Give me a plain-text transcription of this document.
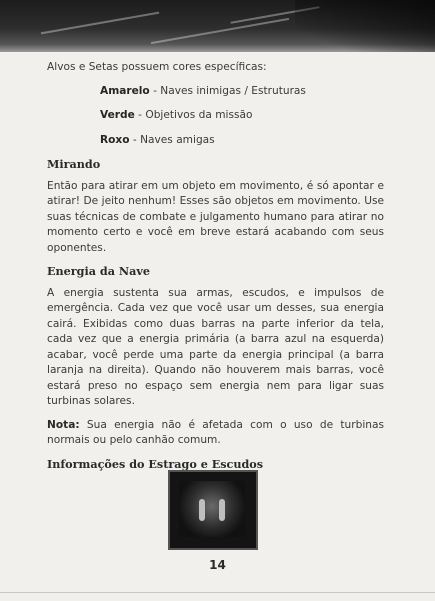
Alvos e Setas possuem cores específicas:

Amarelo - Naves inimigas / Estruturas
Verde - Objetivos da missão
Roxo - Naves amigas
Mirando

Então para atirar em um objeto em movimento, é só apontar e atirar! De jeito nenhum! Esses são objetos em movimento. Use suas técnicas de combate e julgamento humano para atirar no momento certo e você em breve estará acabando com seus oponentes.

Energia da Nave

A energia sustenta sua armas, escudos, e impulsos de emergência. Cada vez que você usar um desses, sua energia cairá. Exibidas como duas barras na parte inferior da tela, cada vez que a energia primária (a barra azul na esquerda) acabar, você perde uma parte da energia principal (a barra laranja na direita). Quando não houverem mais barras, você estará preso no espaço sem energia nem para ligar suas turbinas solares.

Nota: Sua energia não é afetada com o uso de turbinas normais ou pelo canhão comum.

Informações do Estrago e Escudos
14
